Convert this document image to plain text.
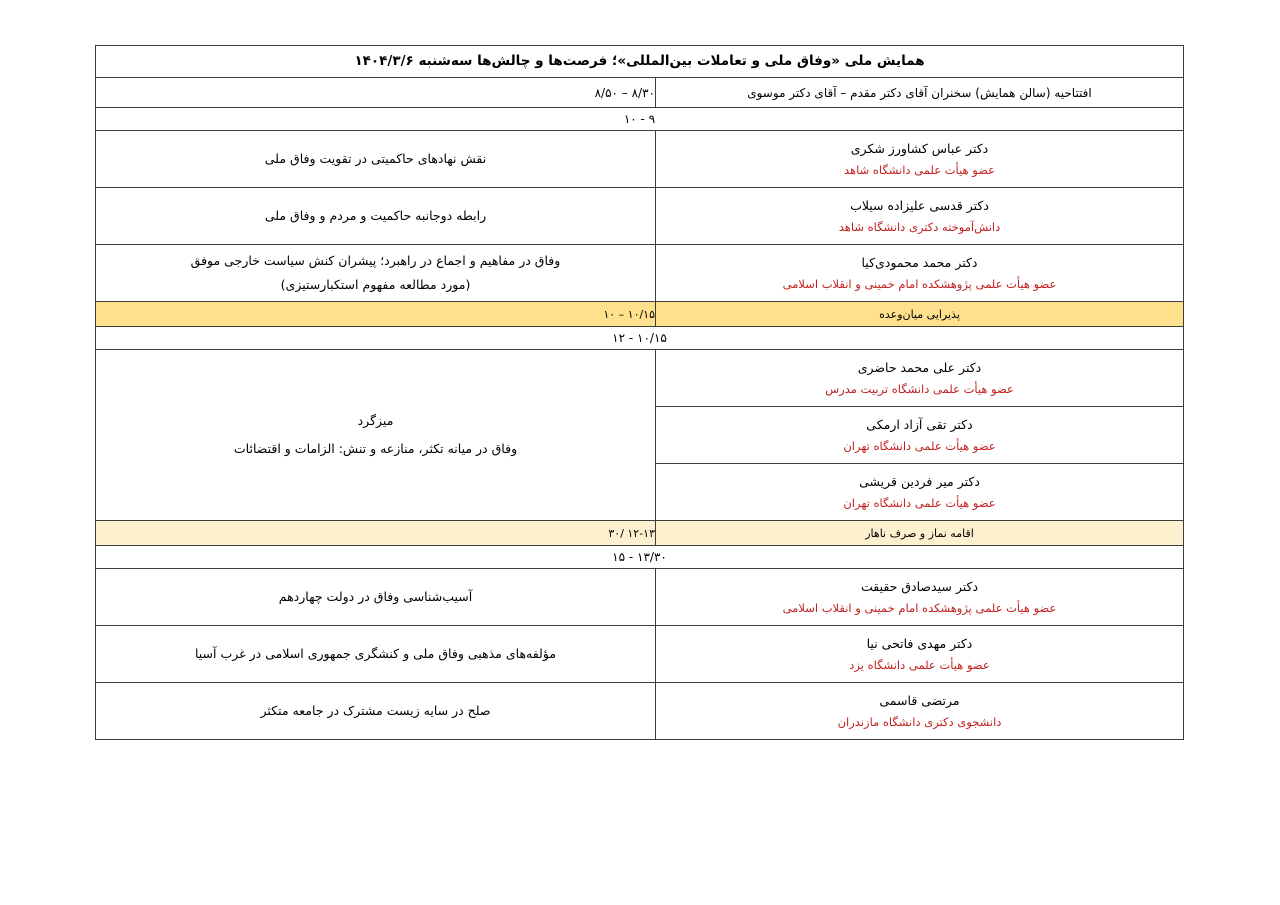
همایش ملی «وفاق ملی و تعاملات بین‌المللی»؛ فرصت‌ها و چالش‌ها سه‌شنبه ۱۴۰۴/۳/۶	
افتتاحیه (سالن همایش) سخنران آقای دکتر مقدم – آقای دکتر موسوی	۸/۳۰ – ۸/۵۰
۹ - ۱۰	

دکتر عباس کشاورز شکری
عضو هیأت علمی دانشگاه شاهد	نقش نهادهای حاکمیتی در تقویت وفاق ملی

دکتر قدسی علیزاده سیلاب
دانش‌آموخته دکتری دانشگاه شاهد	رابطه دوجانبه حاکمیت و مردم و وفاق ملی

دکتر محمد محمودی‌کیا
عضو هیأت علمی پژوهشکده امام خمینی و انقلاب اسلامی	وفاق در مفاهیم و اجماع در راهبرد؛ پیشران کنش سیاست خارجی موفق
(مورد مطالعه مفهوم استکبارستیزی)

پذیرایی میان‌وعده	۱۰/۱۵ – ۱۰
۱۰/۱۵ - ۱۲	

دکتر علی محمد حاضری
عضو هیأت علمی دانشگاه تربیت مدرس	میزگرد
وفاق در میانه تکثر، منازعه و تنش: الزامات و اقتضائات

دکتر تقی آزاد ارمکی
عضو هیأت علمی دانشگاه تهران	

دکتر میر فردین قریشی
عضو هیأت علمی دانشگاه تهران	

اقامه نماز و صرف ناهار	۱۲-۱۳ /۳۰
۱۳/۳۰ - ۱۵	

دکتر سیدصادق حقیقت
عضو هیأت علمی پژوهشکده امام خمینی و انقلاب اسلامی	آسیب‌شناسی وفاق در دولت چهاردهم

دکتر مهدی فاتحی نیا
عضو هیأت علمی دانشگاه یزد	مؤلفه‌های مذهبی وفاق ملی و کنشگری جمهوری اسلامی در غرب آسیا

مرتضی قاسمی
دانشجوی دکتری دانشگاه مازندران	صلح در سایه زیست مشترک در جامعه متکثر
